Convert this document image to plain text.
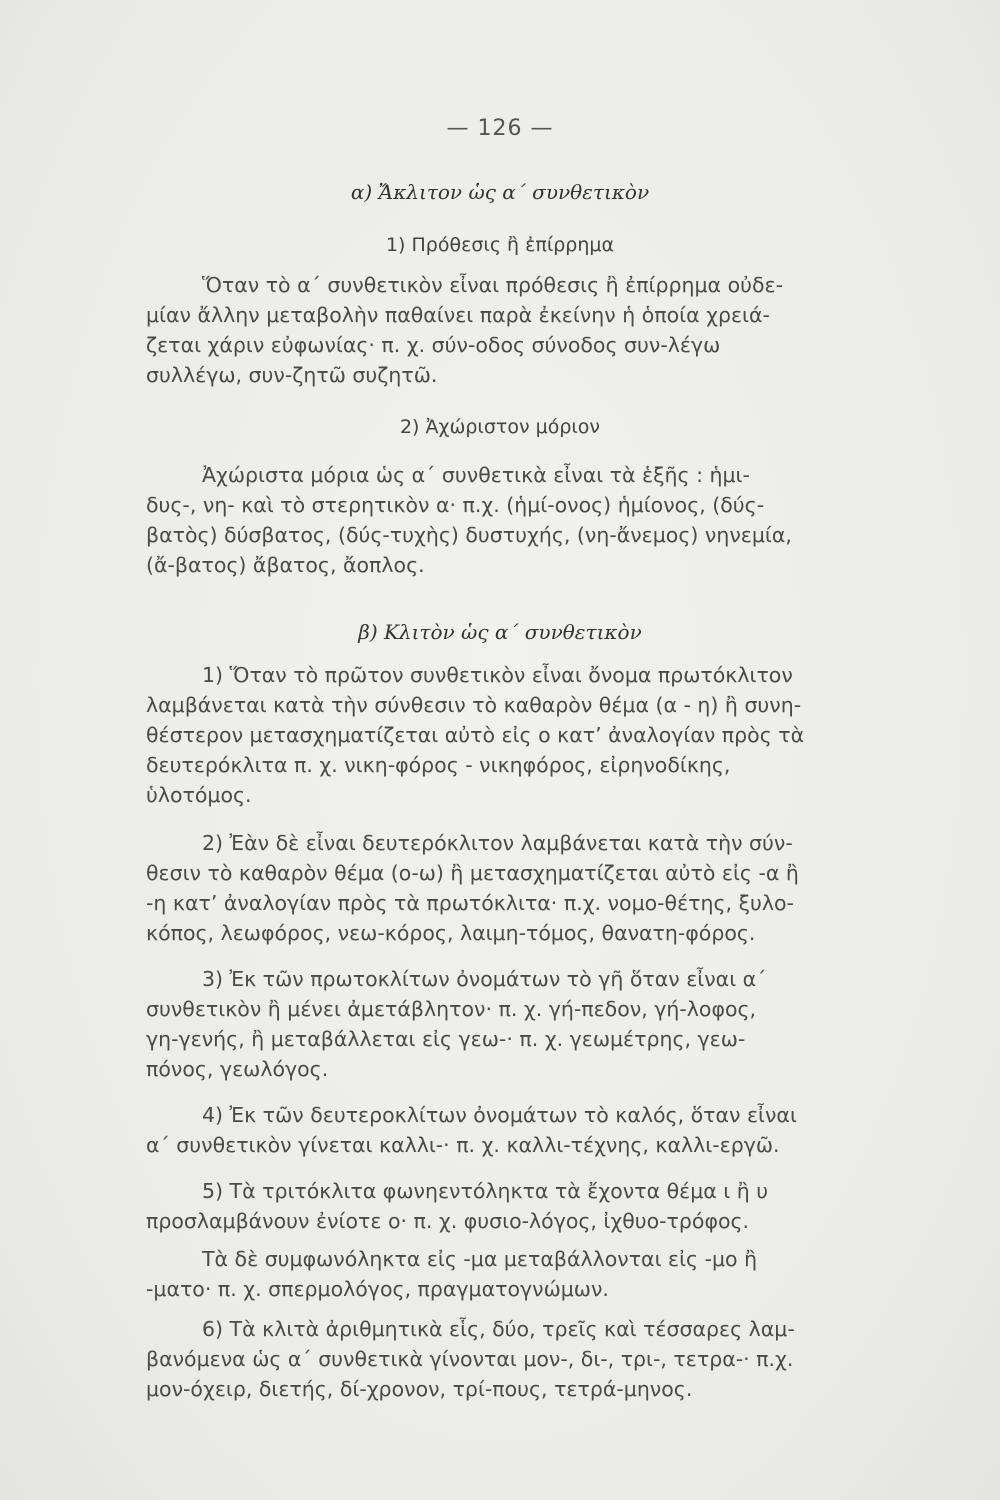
— 126 —
α) Ἄκλιτον ὡς α΄ συνθετικὸν
1) Πρόθεσις ἢ ἐπίρρημα
Ὅταν τὸ α΄ συνθετικὸν εἶναι πρόθεσις ἢ ἐπίρρημα οὐδε-
μίαν ἄλλην μεταβολὴν παθαίνει παρὰ ἐκείνην ἡ ὁποία χρειά-
ζεται χάριν εὐφωνίας· π. χ. σύν-οδος σύνοδος συν-λέγω
συλλέγω, συν-ζητῶ συζητῶ.
2) Ἀχώριστον μόριον
Ἀχώριστα μόρια ὡς α΄ συνθετικὰ εἶναι τὰ ἑξῆς : ἡμι-
δυς-, νη- καὶ τὸ στερητικὸν α· π.χ. (ἡμί-ονος) ἡμίονος, (δύς-
βατὸς) δύσβατος, (δύς-τυχὴς) δυστυχής, (νη-ἄνεμος) νηνεμία,
(ἄ-βατος) ἄβατος, ἄοπλος.
β) Κλιτὸν ὡς α΄ συνθετικὸν
1) Ὅταν τὸ πρῶτον συνθετικὸν εἶναι ὄνομα πρωτόκλιτον
λαμβάνεται κατὰ τὴν σύνθεσιν τὸ καθαρὸν θέμα (α - η) ἢ συνη-
θέστερον μετασχηματίζεται αὐτὸ εἰς ο κατ’ ἀναλογίαν πρὸς τὰ
δευτερόκλιτα π. χ. νικη-φόρος - νικηφόρος, εἰρηνοδίκης,
ὑλοτόμος.
2) Ἐὰν δὲ εἶναι δευτερόκλιτον λαμβάνεται κατὰ τὴν σύν-
θεσιν τὸ καθαρὸν θέμα (ο-ω) ἢ μετασχηματίζεται αὐτὸ εἰς -α ἢ
-η κατ’ ἀναλογίαν πρὸς τὰ πρωτόκλιτα· π.χ. νομο-θέτης, ξυλο-
κόπος, λεωφόρος, νεω-κόρος, λαιμη-τόμος, θανατη-φόρος.
3) Ἐκ τῶν πρωτοκλίτων ὀνομάτων τὸ γῆ ὅταν εἶναι α΄
συνθετικὸν ἢ μένει ἀμετάβλητον· π. χ. γή-πεδον, γή-λοφος,
γη-γενής, ἢ μεταβάλλεται εἰς γεω-· π. χ. γεωμέτρης, γεω-
πόνος, γεωλόγος.
4) Ἐκ τῶν δευτεροκλίτων ὀνομάτων τὸ καλός, ὅταν εἶναι
α΄ συνθετικὸν γίνεται καλλι-· π. χ. καλλι-τέχνης, καλλι-εργῶ.
5) Τὰ τριτόκλιτα φωνηεντόληκτα τὰ ἔχοντα θέμα ι ἢ υ
προσλαμβάνουν ἐνίοτε ο· π. χ. φυσιο-λόγος, ἰχθυο-τρόφος.
Τὰ δὲ συμφωνόληκτα εἰς -μα μεταβάλλονται εἰς -μο ἢ
-ματο· π. χ. σπερμολόγος, πραγματογνώμων.
6) Τὰ κλιτὰ ἀριθμητικὰ εἷς, δύο, τρεῖς καὶ τέσσαρες λαμ-
βανόμενα ὡς α΄ συνθετικὰ γίνονται μον-, δι-, τρι-, τετρα-· π.χ.
μον-όχειρ, διετής, δί-χρονον, τρί-πους, τετρά-μηνος.
